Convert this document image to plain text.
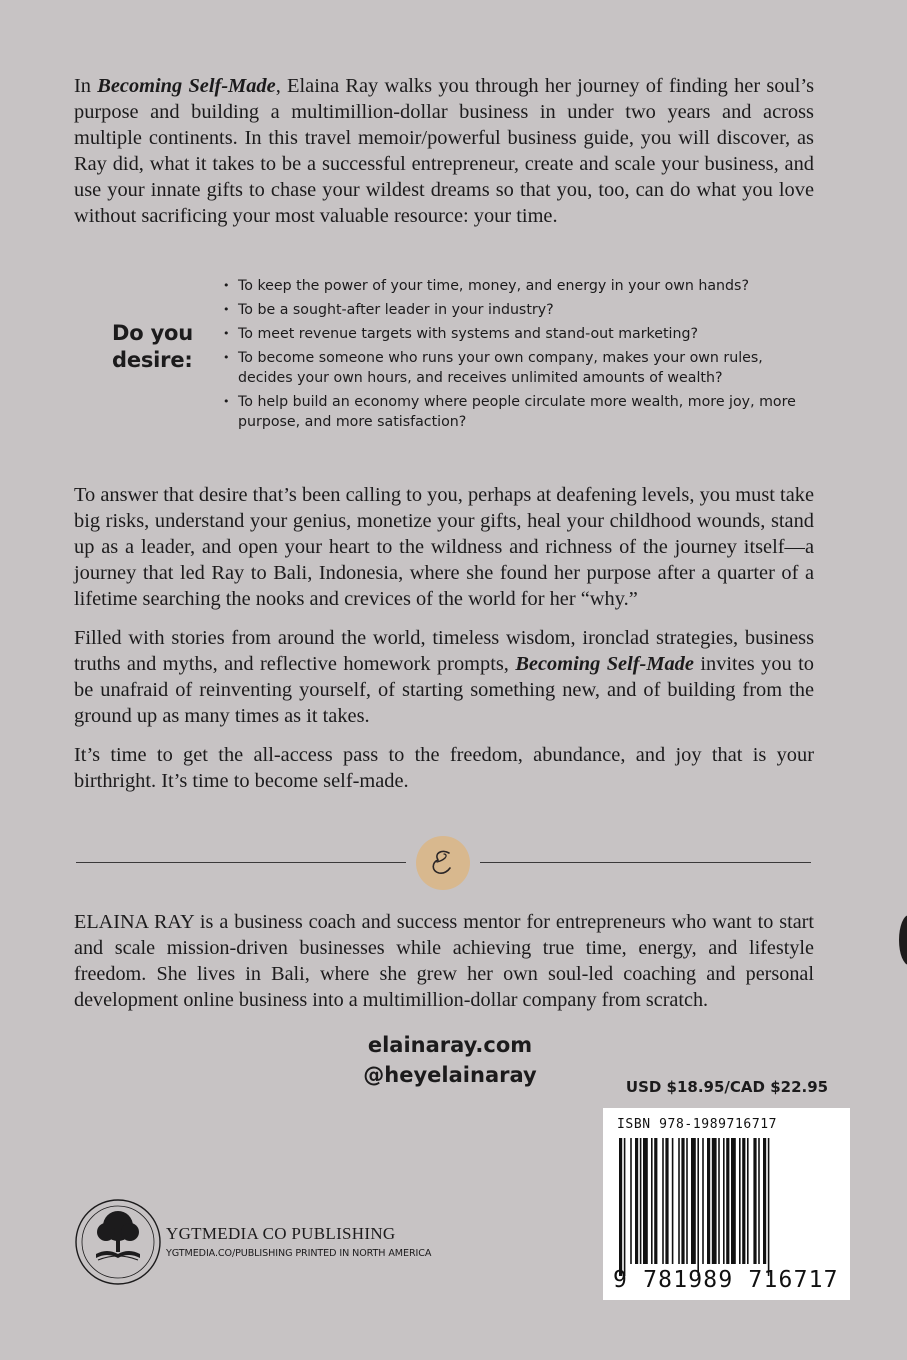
In Becoming Self-Made, Elaina Ray walks you through her journey of finding her soul’s purpose and building a multimillion-dollar business in under two years and across multiple continents. In this travel memoir/powerful business guide, you will discover, as Ray did, what it takes to be a successful entrepreneur, create and scale your business, and use your innate gifts to chase your wildest dreams so that you, too, can do what you love without sacrificing your most valuable resource: your time.

Do you
desire:
• To keep the power of your time, money, and energy in your own hands?
• To be a sought-after leader in your industry?
• To meet revenue targets with systems and stand-out marketing?
• To become someone who runs your own company, makes your own rules, decides your own hours, and receives unlimited amounts of wealth?
• To help build an economy where people circulate more wealth, more joy, more purpose, and more satisfaction?

To answer that desire that’s been calling to you, perhaps at deafening levels, you must take big risks, understand your genius, monetize your gifts, heal your childhood wounds, stand up as a leader, and open your heart to the wildness and richness of the journey itself—a journey that led Ray to Bali, Indonesia, where she found her purpose after a quarter of a lifetime searching the nooks and crevices of the world for her “why.”

Filled with stories from around the world, timeless wisdom, ironclad strategies, business truths and myths, and reflective homework prompts, Becoming Self-Made invites you to be unafraid of reinventing yourself, of starting something new, and of building from the ground up as many times as it takes.

It’s time to get the all-access pass to the freedom, abundance, and joy that is your birthright. It’s time to become self-made.

ELAINA RAY is a business coach and success mentor for entrepreneurs who want to start and scale mission-driven businesses while achieving true time, energy, and lifestyle freedom. She lives in Bali, where she grew her own soul-led coaching and personal development online business into a multimillion-dollar company from scratch.

elainaray.com
@heyelainaray	USD $18.95/CAD $22.95
ISBN 978-1989716717
9 781989 716717
YGTMEDIA CO PUBLISHING
YGTMEDIA.CO/PUBLISHING PRINTED IN NORTH AMERICA
